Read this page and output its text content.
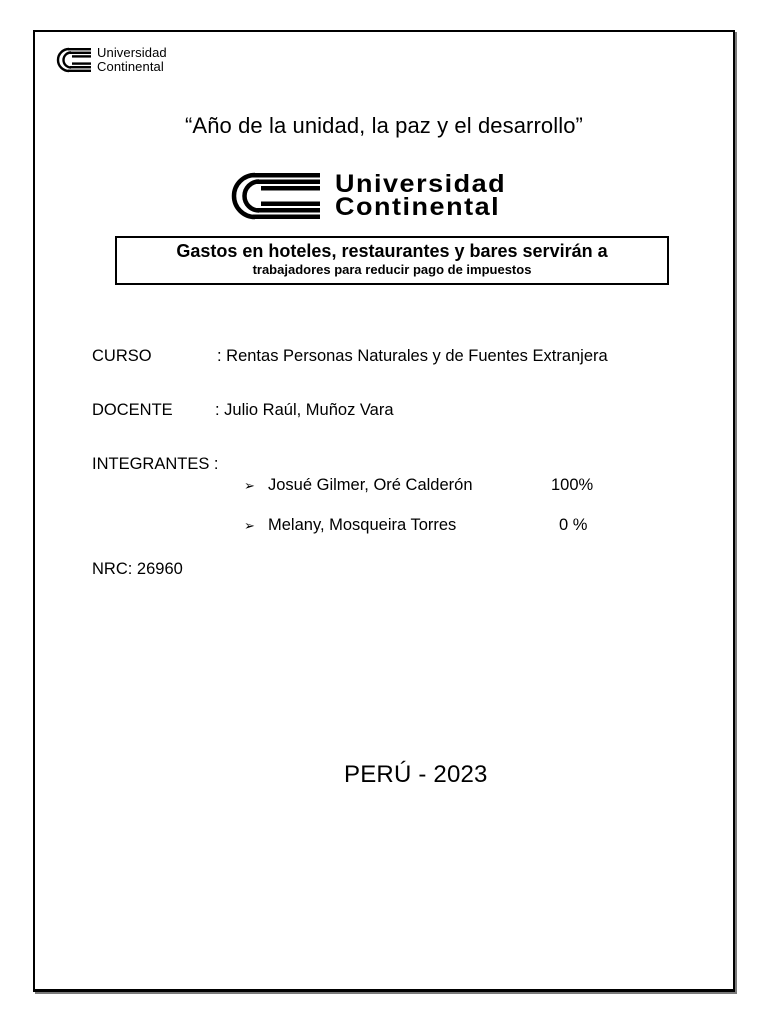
Universidad
Continental
“Año de la unidad, la paz y el desarrollo”
Universidad
Continental
Gastos en hoteles, restaurantes y bares servirán a
trabajadores para reducir pago de impuestos
CURSO	: Rentas Personas Naturales y de Fuentes Extranjera
DOCENTE	: Julio Raúl, Muñoz Vara
INTEGRANTES :
➢ Josué Gilmer, Oré Calderón	100%
➢ Melany, Mosqueira Torres	0 %
NRC: 26960
PERÚ - 2023
